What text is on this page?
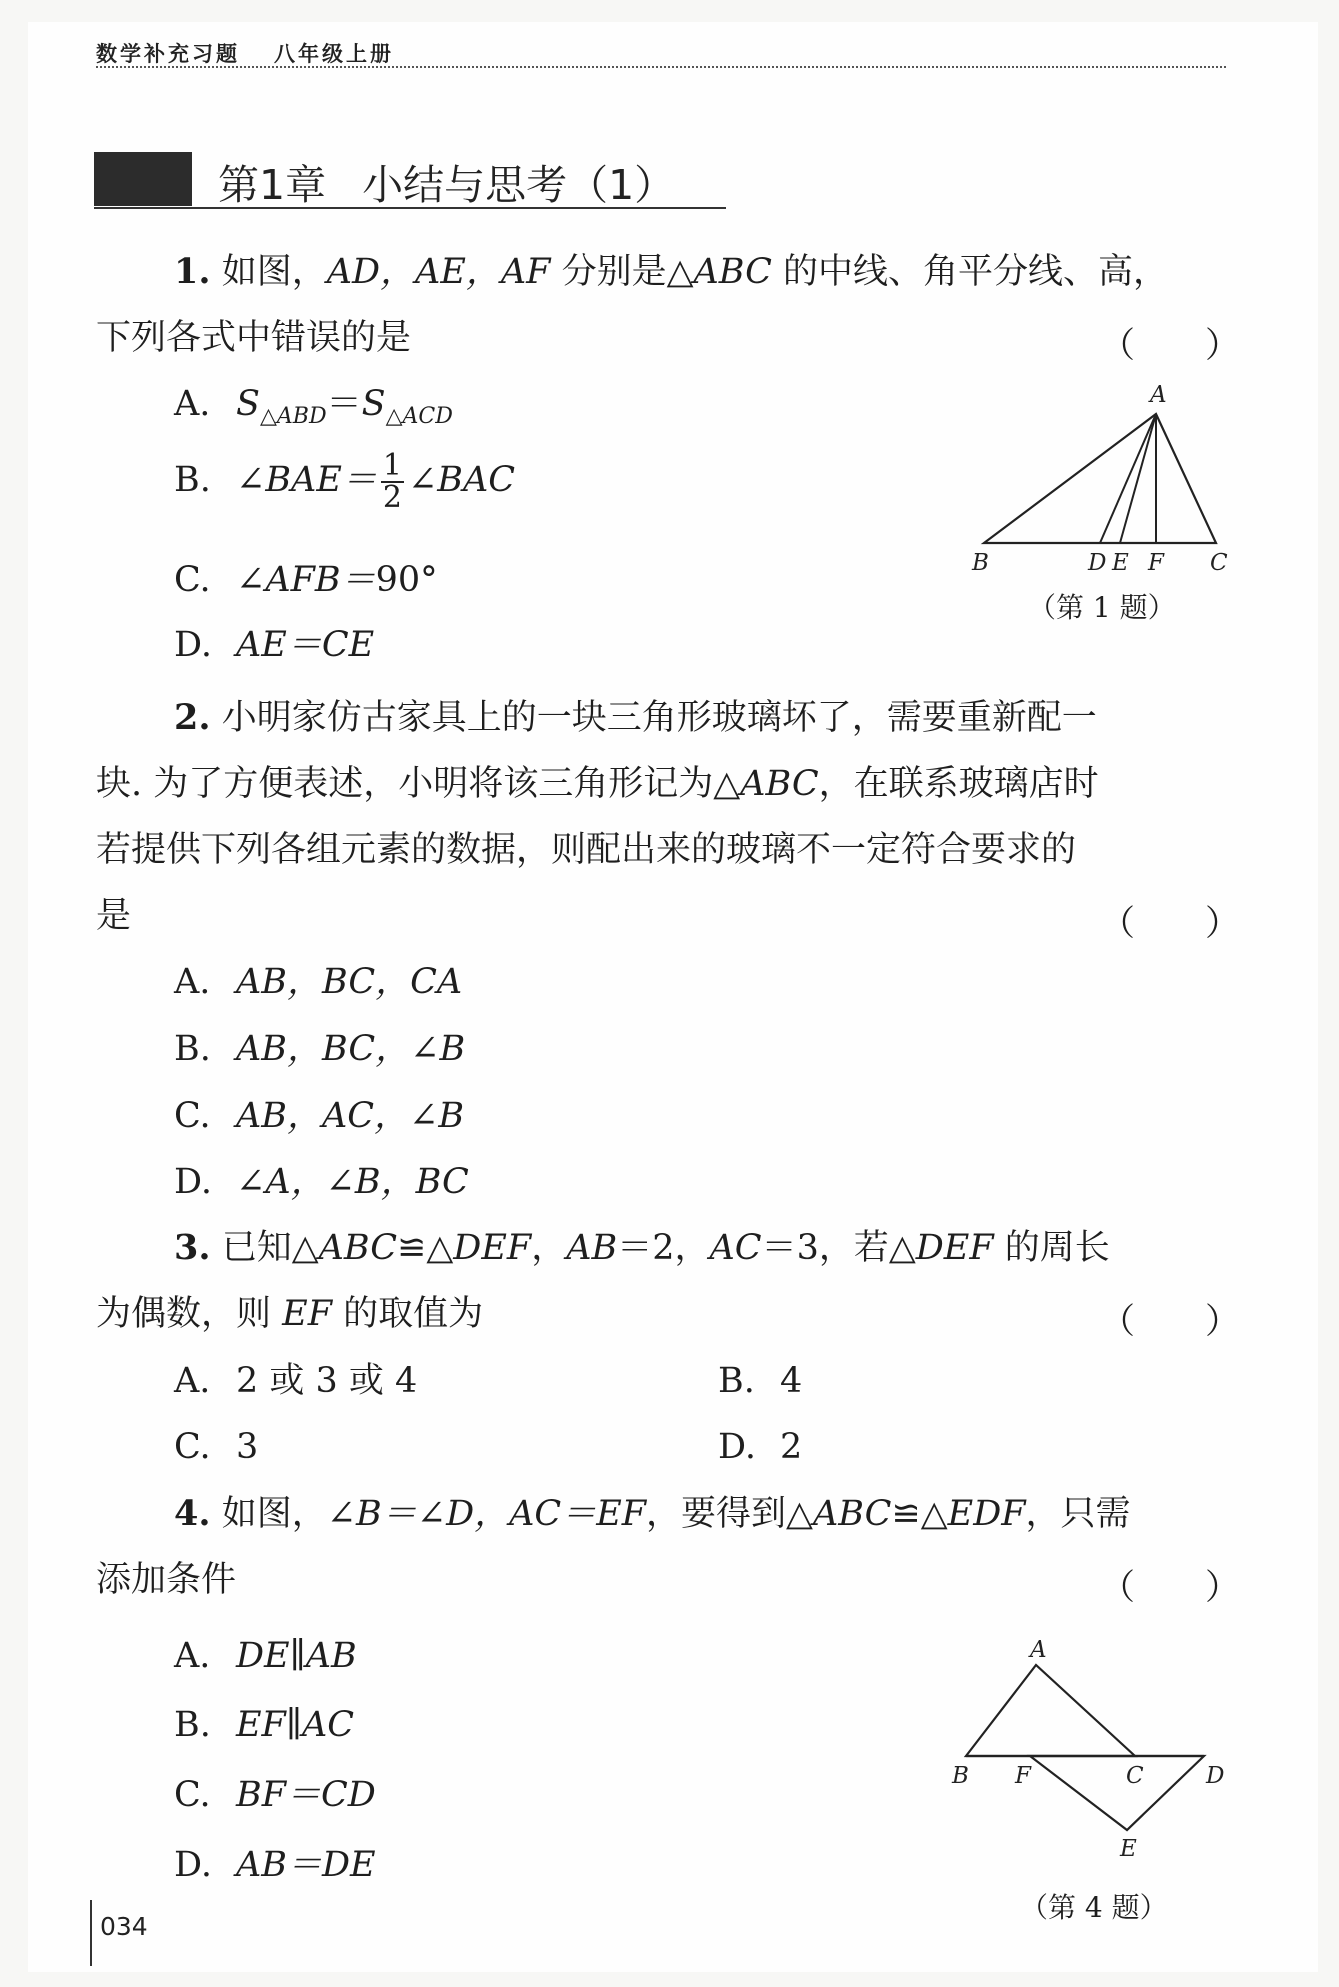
数学补充习题 八年级上册
第1章 小结与思考（1）
1. 如图，AD，AE，AF 分别是△ABC 的中线、角平分线、高，
下列各式中错误的是	（　　）
A. $S_{\triangle ABD}=S_{\triangle ACD}$
B. ∠BAE＝ $\frac{1}{2}$ ∠BAC
C. ∠AFB＝90°
D. AE＝CE
A
B	D E F C
（第 1 题）
2. 小明家仿古家具上的一块三角形玻璃坏了，需要重新配一
块. 为了方便表述，小明将该三角形记为△ABC，在联系玻璃店时
若提供下列各组元素的数据，则配出来的玻璃不一定符合要求的
是	（　　）
A. AB，BC，CA
B. AB，BC，∠B
C. AB，AC，∠B
D. ∠A，∠B，BC
3. 已知△ABC≌△DEF，AB＝2，AC＝3，若△DEF 的周长
为偶数，则 EF 的取值为	（　　）
A. 2 或 3 或 4	B. 4
C. 3	D. 2
4. 如图，∠B＝∠D，AC＝EF，要得到△ABC≌△EDF，只需
添加条件	（　　）
A. DE∥AB
B. EF∥AC
C. BF＝CD
D. AB＝DE
A
B F	C	D
E
（第 4 题）
034
